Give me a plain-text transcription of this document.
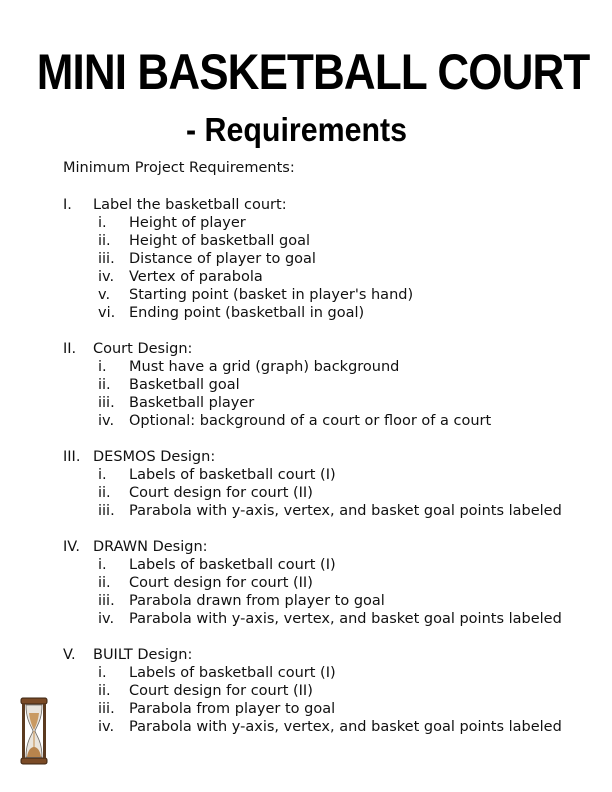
MINI BASKETBALL COURT
- Requirements
Minimum Project Requirements:
I. Label the basketball court:
i. Height of player
ii. Height of basketball goal
iii. Distance of player to goal
iv. Vertex of parabola
v. Starting point (basket in player's hand)
vi. Ending point (basketball in goal)
II. Court Design:
i. Must have a grid (graph) background
ii. Basketball goal
iii. Basketball player
iv. Optional: background of a court or floor of a court
III. DESMOS Design:
i. Labels of basketball court (I)
ii. Court design for court (II)
iii. Parabola with y-axis, vertex, and basket goal points labeled
IV. DRAWN Design:
i. Labels of basketball court (I)
ii. Court design for court (II)
iii. Parabola drawn from player to goal
iv. Parabola with y-axis, vertex, and basket goal points labeled
V. BUILT Design:
i. Labels of basketball court (I)
ii. Court design for court (II)
iii. Parabola from player to goal
iv. Parabola with y-axis, vertex, and basket goal points labeled
